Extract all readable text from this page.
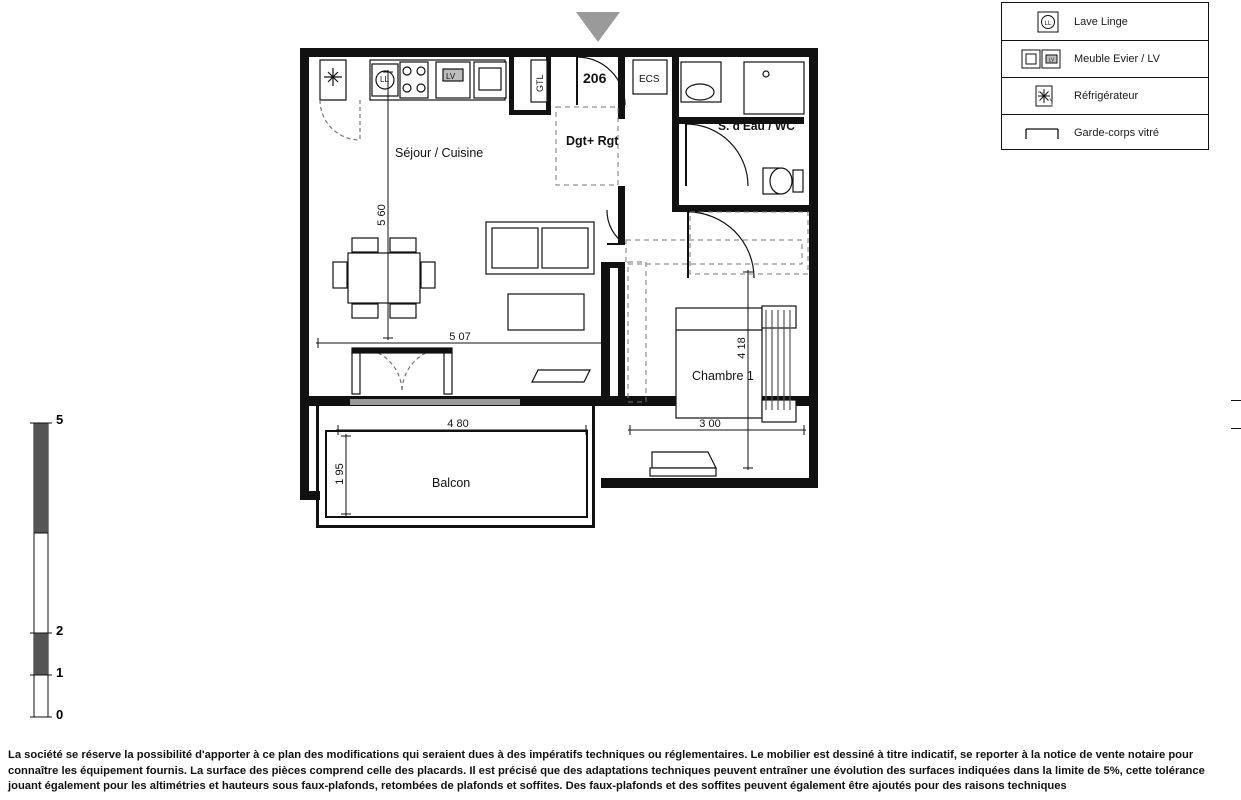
Séjour / Cuisine
Dgt+ Rgt
S. d'Eau / WC
Chambre 1
Balcon
206
GTL	ECS
LL	LV
5 60
5 07
4 80
1 95
3 00
4 18
LL Lave Linge
LV Meuble Evier / LV
Réfrigérateur
Garde-corps vitré
5
2
1
0
La société se réserve la possibilité d'apporter à ce plan des modifications qui seraient dues à des impératifs techniques ou réglementaires. Le mobilier est dessiné à titre indicatif, se reporter à la notice de vente notaire pour
connaître les équipement fournis. La surface des pièces comprend celle des placards. Il est précisé que des adaptations techniques peuvent entraîner une évolution des surfaces indiquées dans la limite de 5%, cette tolérance
jouant également pour les altimétries et hauteurs sous faux-plafonds, retombées de plafonds et soffites. Des faux-plafonds et des soffites peuvent également être ajoutés pour des raisons techniques
